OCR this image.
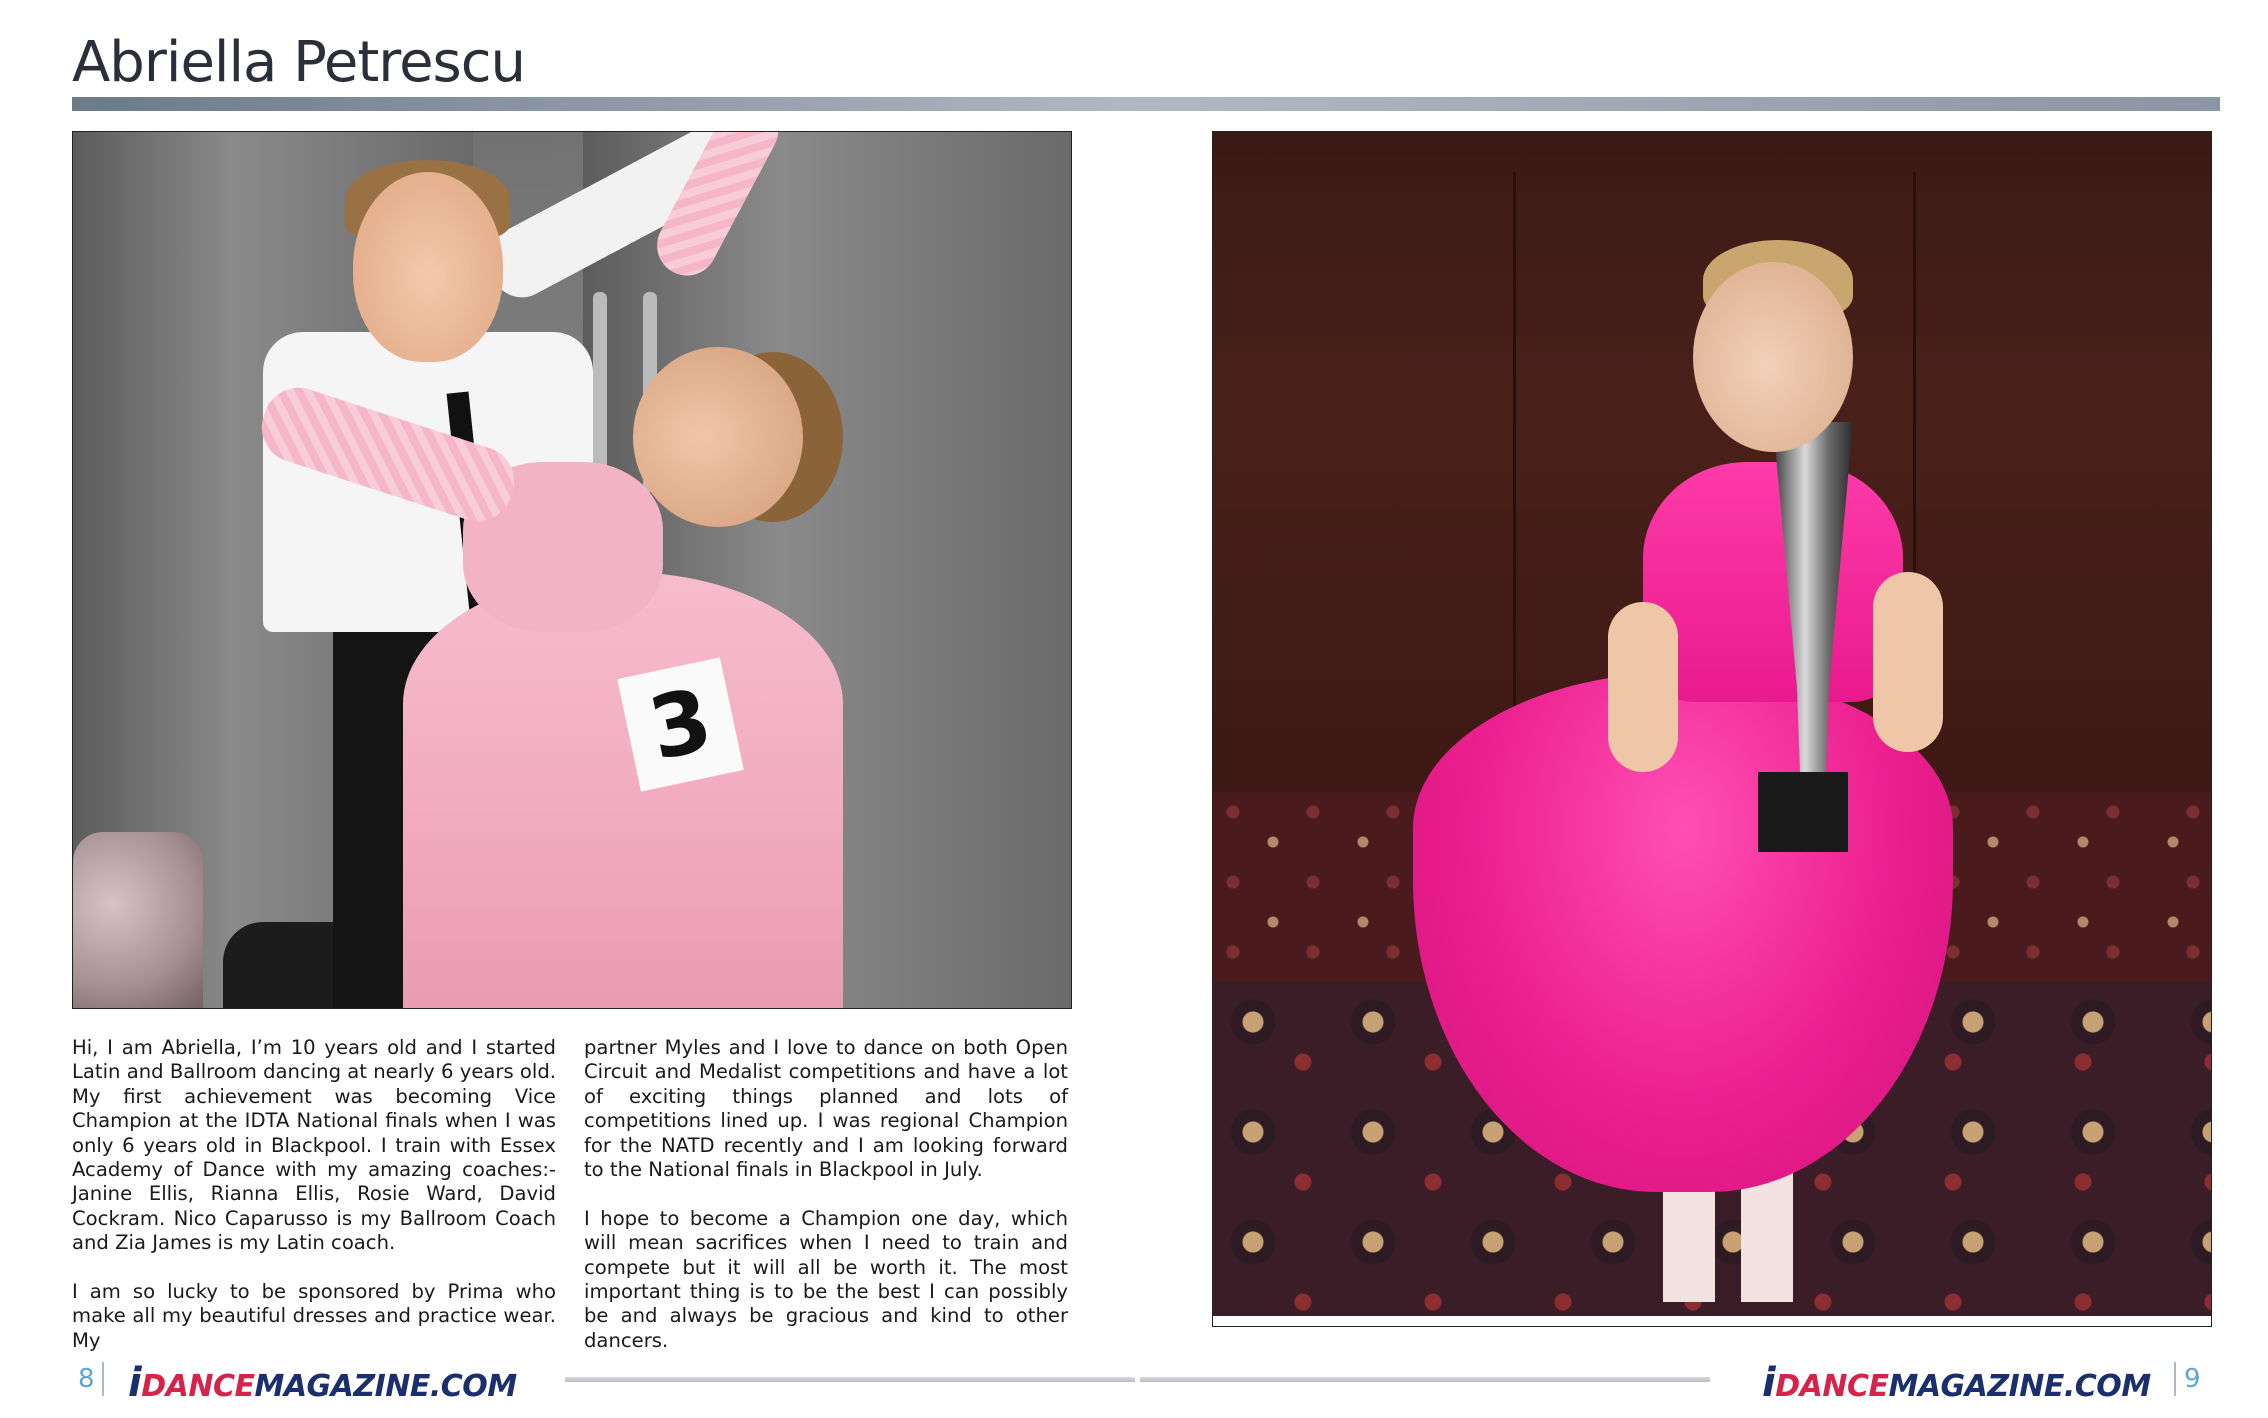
Abriella Petrescu
3

Hi, I am Abriella, I’m 10 years old and I started Latin and Ballroom dancing at nearly 6 years old. My first achievement was becoming Vice Champion at the IDTA National finals when I was only 6 years old in Blackpool. I train with Essex Academy of Dance with my amazing coaches:- Janine Ellis, Rianna Ellis, Rosie Ward, David Cockram. Nico Caparusso is my Ballroom Coach and Zia James is my Latin coach.

I am so lucky to be sponsored by Prima who make all my beautiful dresses and practice wear. My

partner Myles and I love to dance on both Open Circuit and Medalist competitions and have a lot of exciting things planned and lots of competitions lined up. I was regional Champion for the NATD recently and I am looking forward to the National finals in Blackpool in July.

I hope to become a Champion one day, which will mean sacrifices when I need to train and compete but it will all be worth it. The most important thing is to be the best I can possibly be and always be gracious and kind to other dancers.

8 iDANCEMAGAZINE.COM	iDANCEMAGAZINE.COM 9
